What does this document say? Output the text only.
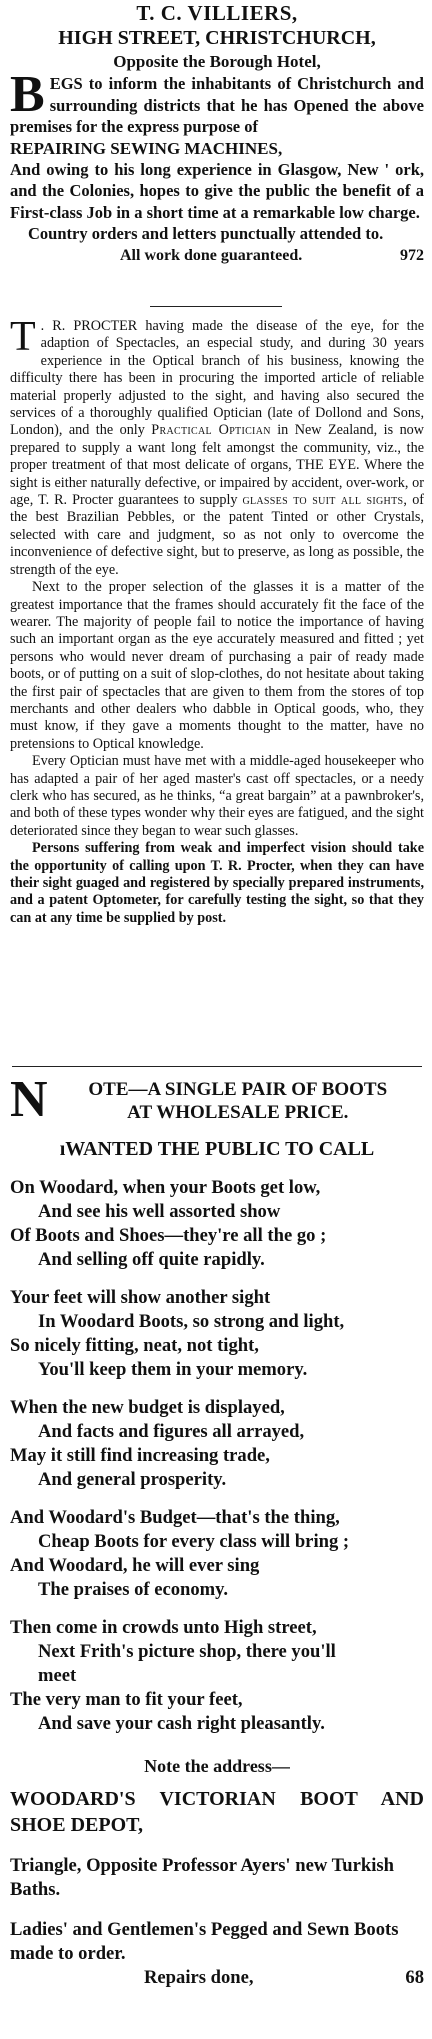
T. C. VILLIERS,
HIGH STREET, CHRISTCHURCH,
Opposite the Borough Hotel,
BEGS to inform the inhabitants of Christchurch and surrounding districts that he has Opened the above premises for the express purpose of
REPAIRING SEWING MACHINES,
And owing to his long experience in Glasgow, New ' ork, and the Colonies, hopes to give the public the benefit of a First-class Job in a short time at a remarkable low charge.
Country orders and letters punctually attended to.
All work done guaranteed.	972

T . R. PROCTER having made the disease of the eye, for the adaption of Spectacles, an especial study, and during 30 years experience in the Optical branch of his business, knowing the difficulty there has been in procuring the imported article of reliable material properly adjusted to the sight, and having also secured the services of a thoroughly qualified Optician (late of Dollond and Sons, London), and the only Practical Optician in New Zealand, is now prepared to supply a want long felt amongst the community, viz., the proper treatment of that most delicate of organs, THE EYE. Where the sight is either naturally defective, or impaired by accident, over-work, or age, T. R. Procter guarantees to supply glasses to suit all sights, of the best Brazilian Pebbles, or the patent Tinted or other Crystals, selected with care and judgment, so as not only to overcome the inconvenience of defective sight, but to preserve, as long as possible, the strength of the eye.

Next to the proper selection of the glasses it is a matter of the greatest importance that the frames should accurately fit the face of the wearer. The majority of people fail to notice the importance of having such an important organ as the eye accurately measured and fitted ; yet persons who would never dream of purchasing a pair of ready made boots, or of putting on a suit of slop-clothes, do not hesitate about taking the first pair of spectacles that are given to them from the stores of top merchants and other dealers who dabble in Optical goods, who, they must know, if they gave a moments thought to the matter, have no pretensions to Optical knowledge.

Every Optician must have met with a middle-aged housekeeper who has adapted a pair of her aged master's cast off spectacles, or a needy clerk who has secured, as he thinks, “a great bargain” at a pawnbroker's, and both of these types wonder why their eyes are fatigued, and the sight deteriorated since they began to wear such glasses.

Persons suffering from weak and imperfect vision should take the opportunity of calling upon T. R. Procter, when they can have their sight guaged and registered by specially prepared instruments, and a patent Optometer, for carefully testing the sight, so that they can at any time be supplied by post.

N	OTE—A SINGLE PAIR OF BOOTS
AT WHOLESALE PRICE.
ıWANTED THE PUBLIC TO CALL
On Woodard, when your Boots get low,
And see his well assorted show
Of Boots and Shoes—they're all the go ;
And selling off quite rapidly.
Your feet will show another sight
In Woodard Boots, so strong and light,
So nicely fitting, neat, not tight,
You'll keep them in your memory.
When the new budget is displayed,
And facts and figures all arrayed,
May it still find increasing trade,
And general prosperity.
And Woodard's Budget—that's the thing,
Cheap Boots for every class will bring ;
And Woodard, he will ever sing
The praises of economy.
Then come in crowds unto High street,
Next Frith's picture shop, there you'll
meet
The very man to fit your feet,
And save your cash right pleasantly.
Note the address—
WOODARD'S VICTORIAN BOOT AND SHOE DEPOT,
Triangle, Opposite Professor Ayers' new Turkish Baths.
Ladies' and Gentlemen's Pegged and Sewn Boots made to order.
Repairs done,	68
